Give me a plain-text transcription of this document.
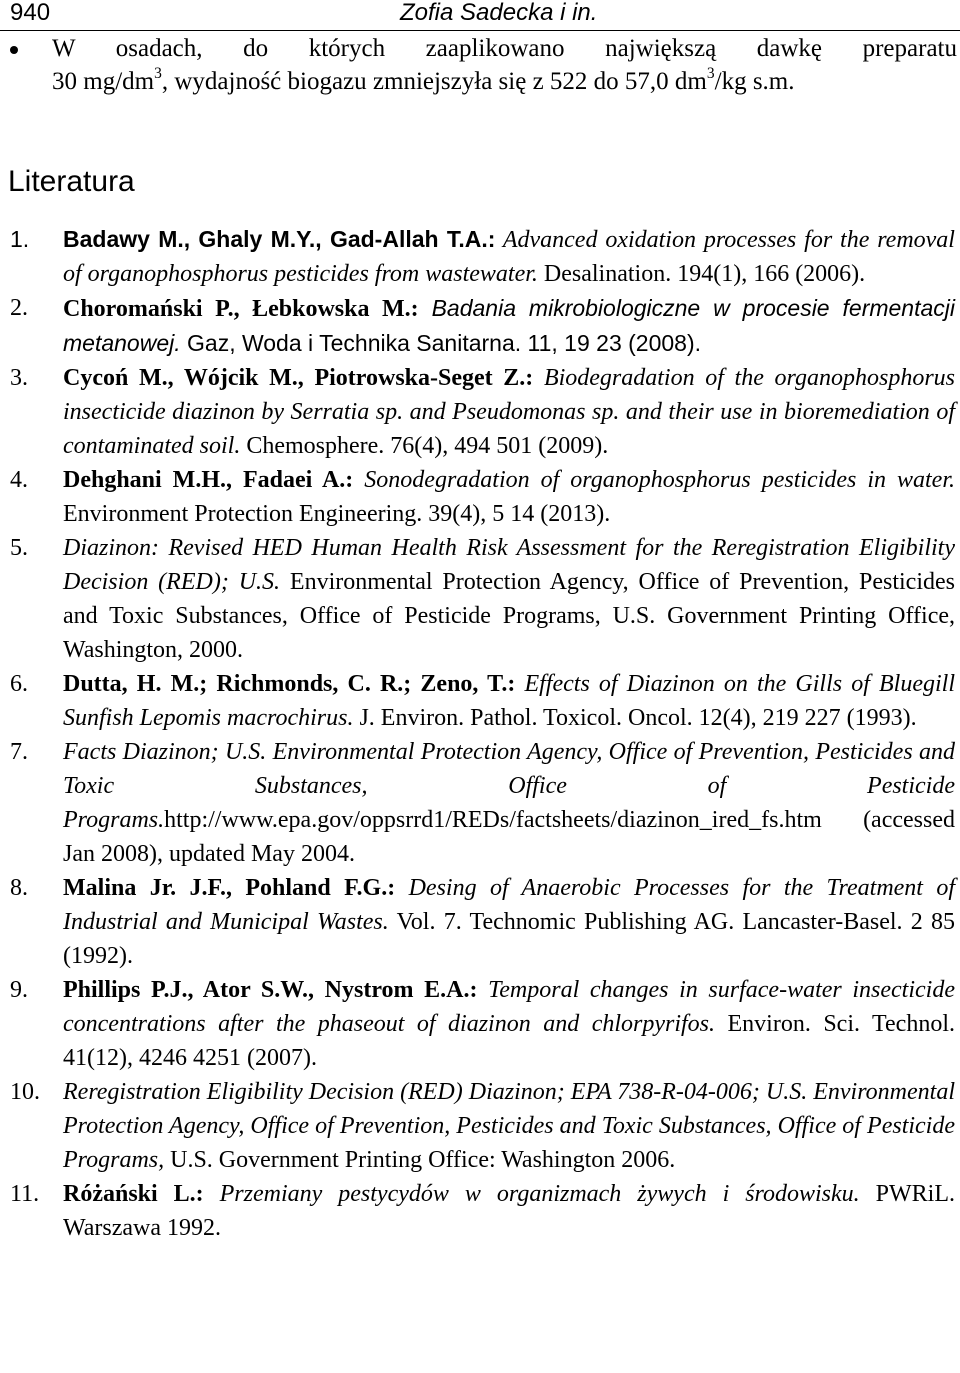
940	Zofia Sadecka i in.
W osadach, do których zaaplikowano największą dawkę preparatu
30 $mg/dm^3$, wydajność biogazu zmniejszyła się z 522 do 57,0 $dm^3/kg$ s.m.
Literatura
1. Badawy M., Ghaly M.Y., Gad-Allah T.A.: Advanced oxidation processes for the removal of organophosphorus pesticides from wastewater. Desalination. 194(1), 166 (2006).
2. Choromański P., Łebkowska M.: Badania mikrobiologiczne w procesie fermentacji metanowej. Gaz, Woda i Technika Sanitarna. 11, 19 23 (2008).
3. Cycoń M., Wójcik M., Piotrowska-Seget Z.: Biodegradation of the organophosphorus insecticide diazinon by Serratia sp. and Pseudomonas sp. and their use in bioremediation of contaminated soil. Chemosphere. 76(4), 494 501 (2009).
4. Dehghani M.H., Fadaei A.: Sonodegradation of organophosphorus pesticides in water. Environment Protection Engineering. 39(4), 5 14 (2013).
5. Diazinon: Revised HED Human Health Risk Assessment for the Reregistration Eligibility Decision (RED); U.S. Environmental Protection Agency, Office of Prevention, Pesticides and Toxic Substances, Office of Pesticide Programs, U.S. Government Printing Office, Washington, 2000.
6. Dutta, H. M.; Richmonds, C. R.; Zeno, T.: Effects of Diazinon on the Gills of Bluegill Sunfish Lepomis macrochirus. J. Environ. Pathol. Toxicol. Oncol. 12(4), 219 227 (1993).
7. Facts Diazinon; U.S. Environmental Protection Agency, Office of Prevention, Pesticides and Toxic Substances, Office of Pesticide Programs.http://www.epa.gov/oppsrrd1/REDs/factsheets/diazinon_ired_fs.htm (accessed Jan 2008), updated May 2004.
8. Malina Jr. J.F., Pohland F.G.: Desing of Anaerobic Processes for the Treatment of Industrial and Municipal Wastes. Vol. 7. Technomic Publishing AG. Lancaster-Basel. 2 85 (1992).
9. Phillips P.J., Ator S.W., Nystrom E.A.: Temporal changes in surface-water insecticide concentrations after the phaseout of diazinon and chlorpyrifos. Environ. Sci. Technol. 41(12), 4246 4251 (2007).
10. Reregistration Eligibility Decision (RED) Diazinon; EPA 738-R-04-006; U.S. Environmental Protection Agency, Office of Prevention, Pesticides and Toxic Substances, Office of Pesticide Programs, U.S. Government Printing Office: Washington 2006.
11. Różański L.: Przemiany pestycydów w organizmach żywych i środowisku. PWRiL. Warszawa 1992.
